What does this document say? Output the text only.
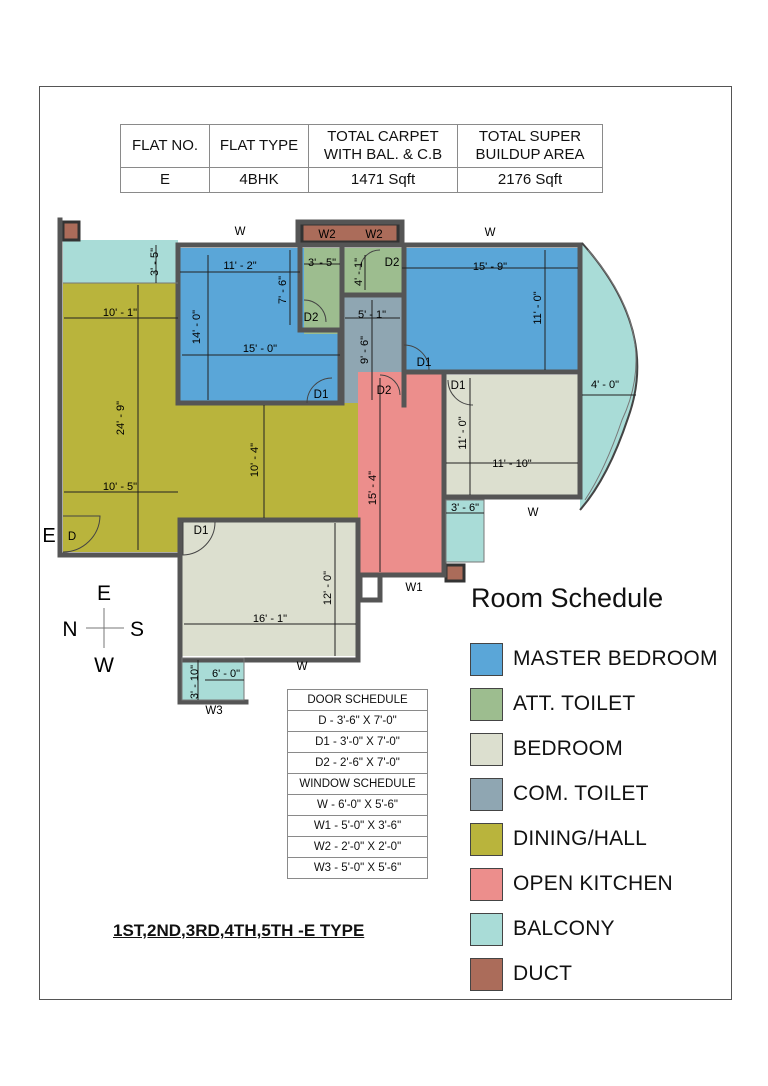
FLAT NO.	FLAT TYPE	TOTAL CARPET WITH BAL. & C.B	TOTAL SUPER BUILDUP AREA
E	4BHK	1471 Sqft	2176 Sqft
11' - 2"
15' - 0"
14' - 0"
3' - 5"
7' - 6"
4' - 1"
3' - 5"
10' - 1"
24' - 9"
10' - 5"
10' - 4"
5' - 1"
9' - 6"
15' - 9"
11' - 0"
11' - 0"
11' - 10"
4' - 0"
15' - 4"
3' - 6"
16' - 1"
12' - 0"
6' - 0"
3' - 10"
W	W
W2	W2
W
W1
W
W3
D	D1
D1
D1
D1
D2
D2
D2
E
E
N S
W
DOOR SCHEDULE
D - 3'-6" X 7'-0"
D1 - 3'-0" X 7'-0"
D2 - 2'-6" X 7'-0"
WINDOW SCHEDULE
W - 6'-0" X 5'-6"
W1 - 5'-0" X 3'-6"
W2 - 2'-0" X 2'-0"
W3 - 5'-0" X 5'-6"
Room Schedule
MASTER BEDROOM
ATT. TOILET
BEDROOM
COM. TOILET
DINING/HALL
OPEN KITCHEN
BALCONY
DUCT
1ST,2ND,3RD,4TH,5TH -E TYPE
